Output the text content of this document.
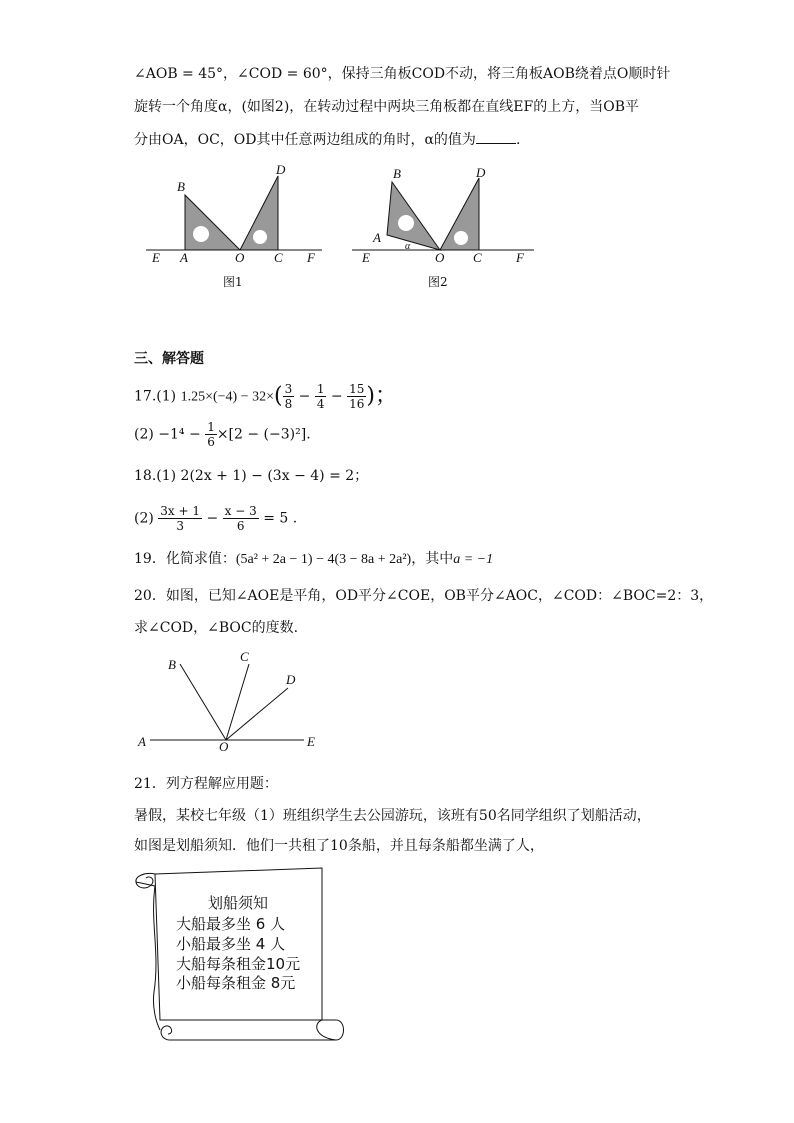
∠AOB = 45°，∠COD = 60°，保持三角板COD不动，将三角板AOB绕着点O顺时针
旋转一个角度α，(如图2)，在转动过程中两块三角板都在直线EF的上方，当OB平
分由OA，OC，OD其中任意两边组成的角时，α的值为	.
B
D
E A	O C F
图1
B	D
A
α
E	O C	F
图2
三、解答题
17.(1) $1.25\times(-4) - 32\times( \frac{3}{8} - \frac{1}{4} - \frac{15}{16}$ )；
$(2) -1^4 - \frac{1}{6} \times[2 - (-3)^2]$.
18.(1) 2(2x + 1) − (3x − 4) = 2；
$(2) \frac{3x + 1}{3} - \frac{x - 3}{6} = 5$ .
19．化简求值：(5a² + 2a − 1) − 4(3 − 8a + 2a²)，其中a = −1
20．如图，已知∠AOE是平角，OD平分∠COE，OB平分∠AOC，∠COD：∠BOC=2：3，
求∠COD，∠BOC的度数.
B
C
D
A	O	E
21．列方程解应用题：
暑假，某校七年级（1）班组织学生去公园游玩，该班有50名同学组织了划船活动，
如图是划船须知．他们一共租了10条船，并且每条船都坐满了人，
划船须知
大船最多坐 6 人
小船最多坐 4 人
大船每条租金10元
小船每条租金 8元
